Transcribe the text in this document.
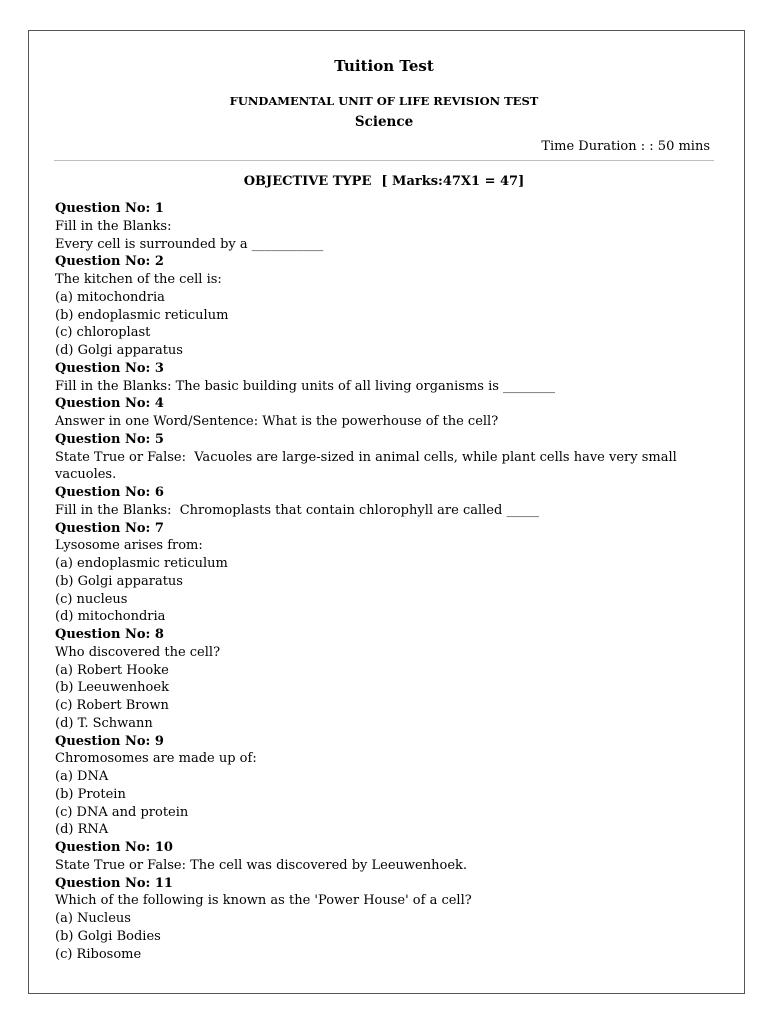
Tuition Test
FUNDAMENTAL UNIT OF LIFE REVISION TEST
Science
Time Duration : : 50 mins
OBJECTIVE TYPE [ Marks:47X1 = 47]
Question No: 1
Fill in the Blanks:
Every cell is surrounded by a ___________
Question No: 2
The kitchen of the cell is:
(a) mitochondria
(b) endoplasmic reticulum
(c) chloroplast
(d) Golgi apparatus
Question No: 3
Fill in the Blanks: The basic building units of all living organisms is ________
Question No: 4
Answer in one Word/Sentence: What is the powerhouse of the cell?
Question No: 5
State True or False:  Vacuoles are large-sized in animal cells, while plant cells have very small
vacuoles.
Question No: 6
Fill in the Blanks:  Chromoplasts that contain chlorophyll are called _____
Question No: 7
Lysosome arises from:
(a) endoplasmic reticulum
(b) Golgi apparatus
(c) nucleus
(d) mitochondria
Question No: 8
Who discovered the cell?
(a) Robert Hooke
(b) Leeuwenhoek
(c) Robert Brown
(d) T. Schwann
Question No: 9
Chromosomes are made up of:
(a) DNA
(b) Protein
(c) DNA and protein
(d) RNA
Question No: 10
State True or False: The cell was discovered by Leeuwenhoek.
Question No: 11
Which of the following is known as the 'Power House' of a cell?
(a) Nucleus
(b) Golgi Bodies
(c) Ribosome
